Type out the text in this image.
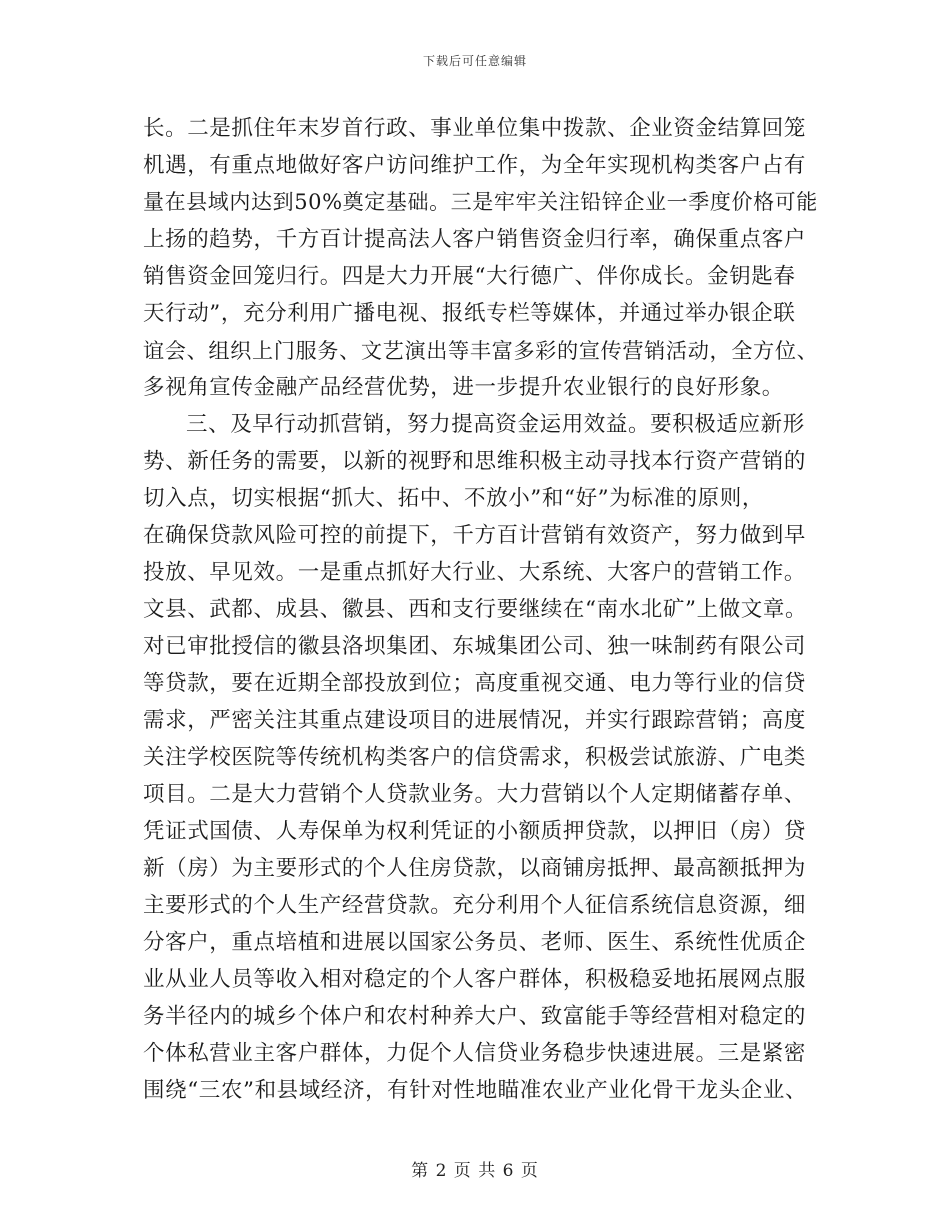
下载后可任意编辑
长。二是抓住年末岁首行政、事业单位集中拨款、企业资金结算回笼
机遇，有重点地做好客户访问维护工作，为全年实现机构类客户占有
量在县域内达到50%奠定基础。三是牢牢关注铅锌企业一季度价格可能
上扬的趋势，千方百计提高法人客户销售资金归行率，确保重点客户
销售资金回笼归行。四是大力开展“大行德广、伴你成长。金钥匙春
天行动”，充分利用广播电视、报纸专栏等媒体，并通过举办银企联
谊会、组织上门服务、文艺演出等丰富多彩的宣传营销活动，全方位、
多视角宣传金融产品经营优势，进一步提升农业银行的良好形象。
三、及早行动抓营销，努力提高资金运用效益。要积极适应新形
势、新任务的需要，以新的视野和思维积极主动寻找本行资产营销的
切入点，切实根据“抓大、拓中、不放小”和“好”为标准的原则，
在确保贷款风险可控的前提下，千方百计营销有效资产，努力做到早
投放、早见效。一是重点抓好大行业、大系统、大客户的营销工作。
文县、武都、成县、徽县、西和支行要继续在“南水北矿”上做文章。
对已审批授信的徽县洛坝集团、东城集团公司、独一味制药有限公司
等贷款，要在近期全部投放到位；高度重视交通、电力等行业的信贷
需求，严密关注其重点建设项目的进展情况，并实行跟踪营销；高度
关注学校医院等传统机构类客户的信贷需求，积极尝试旅游、广电类
项目。二是大力营销个人贷款业务。大力营销以个人定期储蓄存单、
凭证式国债、人寿保单为权利凭证的小额质押贷款，以押旧（房）贷
新（房）为主要形式的个人住房贷款，以商铺房抵押、最高额抵押为
主要形式的个人生产经营贷款。充分利用个人征信系统信息资源，细
分客户，重点培植和进展以国家公务员、老师、医生、系统性优质企
业从业人员等收入相对稳定的个人客户群体，积极稳妥地拓展网点服
务半径内的城乡个体户和农村种养大户、致富能手等经营相对稳定的
个体私营业主客户群体，力促个人信贷业务稳步快速进展。三是紧密
围绕“三农”和县域经济，有针对性地瞄准农业产业化骨干龙头企业、
第 2 页 共 6 页
